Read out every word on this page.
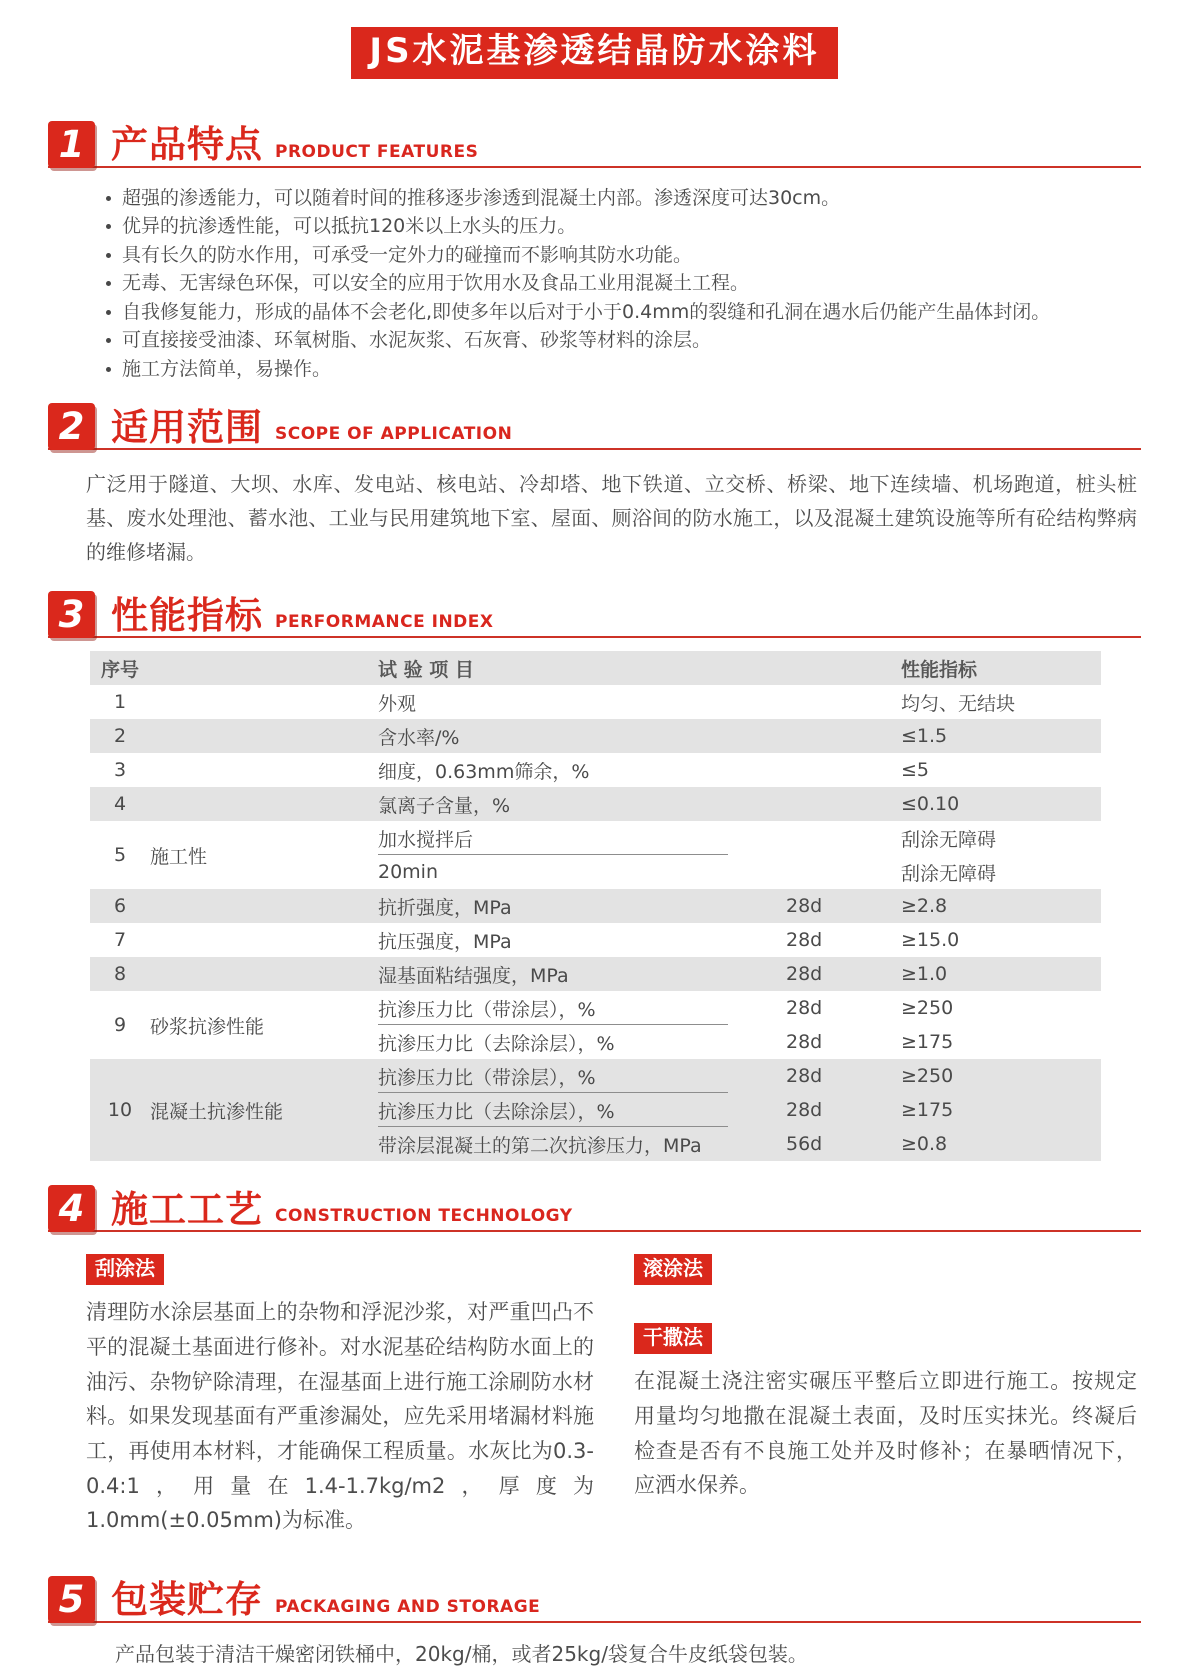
JS水泥基渗透结晶防水涂料
1 产品特点 PRODUCT FEATURES
超强的渗透能力，可以随着时间的推移逐步渗透到混凝土内部。渗透深度可达30cm。
优异的抗渗透性能，可以抵抗120米以上水头的压力。
具有长久的防水作用，可承受一定外力的碰撞而不影响其防水功能。
无毒、无害绿色环保，可以安全的应用于饮用水及食品工业用混凝土工程。
自我修复能力，形成的晶体不会老化,即使多年以后对于小于0.4mm的裂缝和孔洞在遇水后仍能产生晶体封闭。
可直接接受油漆、环氧树脂、水泥灰浆、石灰膏、砂浆等材料的涂层。
施工方法简单，易操作。
2 适用范围 SCOPE OF APPLICATION

广泛用于隧道、大坝、水库、发电站、核电站、冷却塔、地下铁道、立交桥、桥梁、地下连续墙、机场跑道，桩头桩基、废水处理池、蓄水池、工业与民用建筑地下室、屋面、厕浴间的防水施工，以及混凝土建筑设施等所有砼结构弊病的维修堵漏。

3 性能指标 PERFORMANCE INDEX
序号	试 验 项 目	性能指标
1	外观	均匀、无结块
2	含水率/%	≤1.5
3	细度，0.63mm筛余，%	≤5
4	氯离子含量，%	≤0.10
5	施工性
加水搅拌后	刮涂无障碍
20min	刮涂无障碍
6	抗折强度，MPa	28d	≥2.8
7	抗压强度，MPa	28d	≥15.0
8	湿基面粘结强度，MPa	28d	≥1.0
9	砂浆抗渗性能
抗渗压力比（带涂层），%	28d	≥250
抗渗压力比（去除涂层），%	28d	≥175
10 混凝土抗渗性能
抗渗压力比（带涂层），%	28d	≥250
抗渗压力比（去除涂层），%	28d	≥175
带涂层混凝土的第二次抗渗压力，MPa	56d	≥0.8
4 施工工艺 CONSTRUCTION TECHNOLOGY
刮涂法

清理防水涂层基面上的杂物和浮泥沙浆，对严重凹凸不平的混凝土基面进行修补。对水泥基砼结构防水面上的油污、杂物铲除清理，在湿基面上进行施工涂刷防水材料。如果发现基面有严重渗漏处，应先采用堵漏材料施工，再使用本材料，才能确保工程质量。水灰比为0.3-0.4:1，用量在1.4-1.7kg/m2，厚度为1.0mm(±0.05mm)为标准。

滚涂法
干撒法

在混凝土浇注密实碾压平整后立即进行施工。按规定用量均匀地撒在混凝土表面，及时压实抹光。终凝后检查是否有不良施工处并及时修补；在暴晒情况下，应洒水保养。

5 包装贮存 PACKAGING AND STORAGE

产品包装于清洁干燥密闭铁桶中，20kg/桶，或者25kg/袋复合牛皮纸袋包装。
